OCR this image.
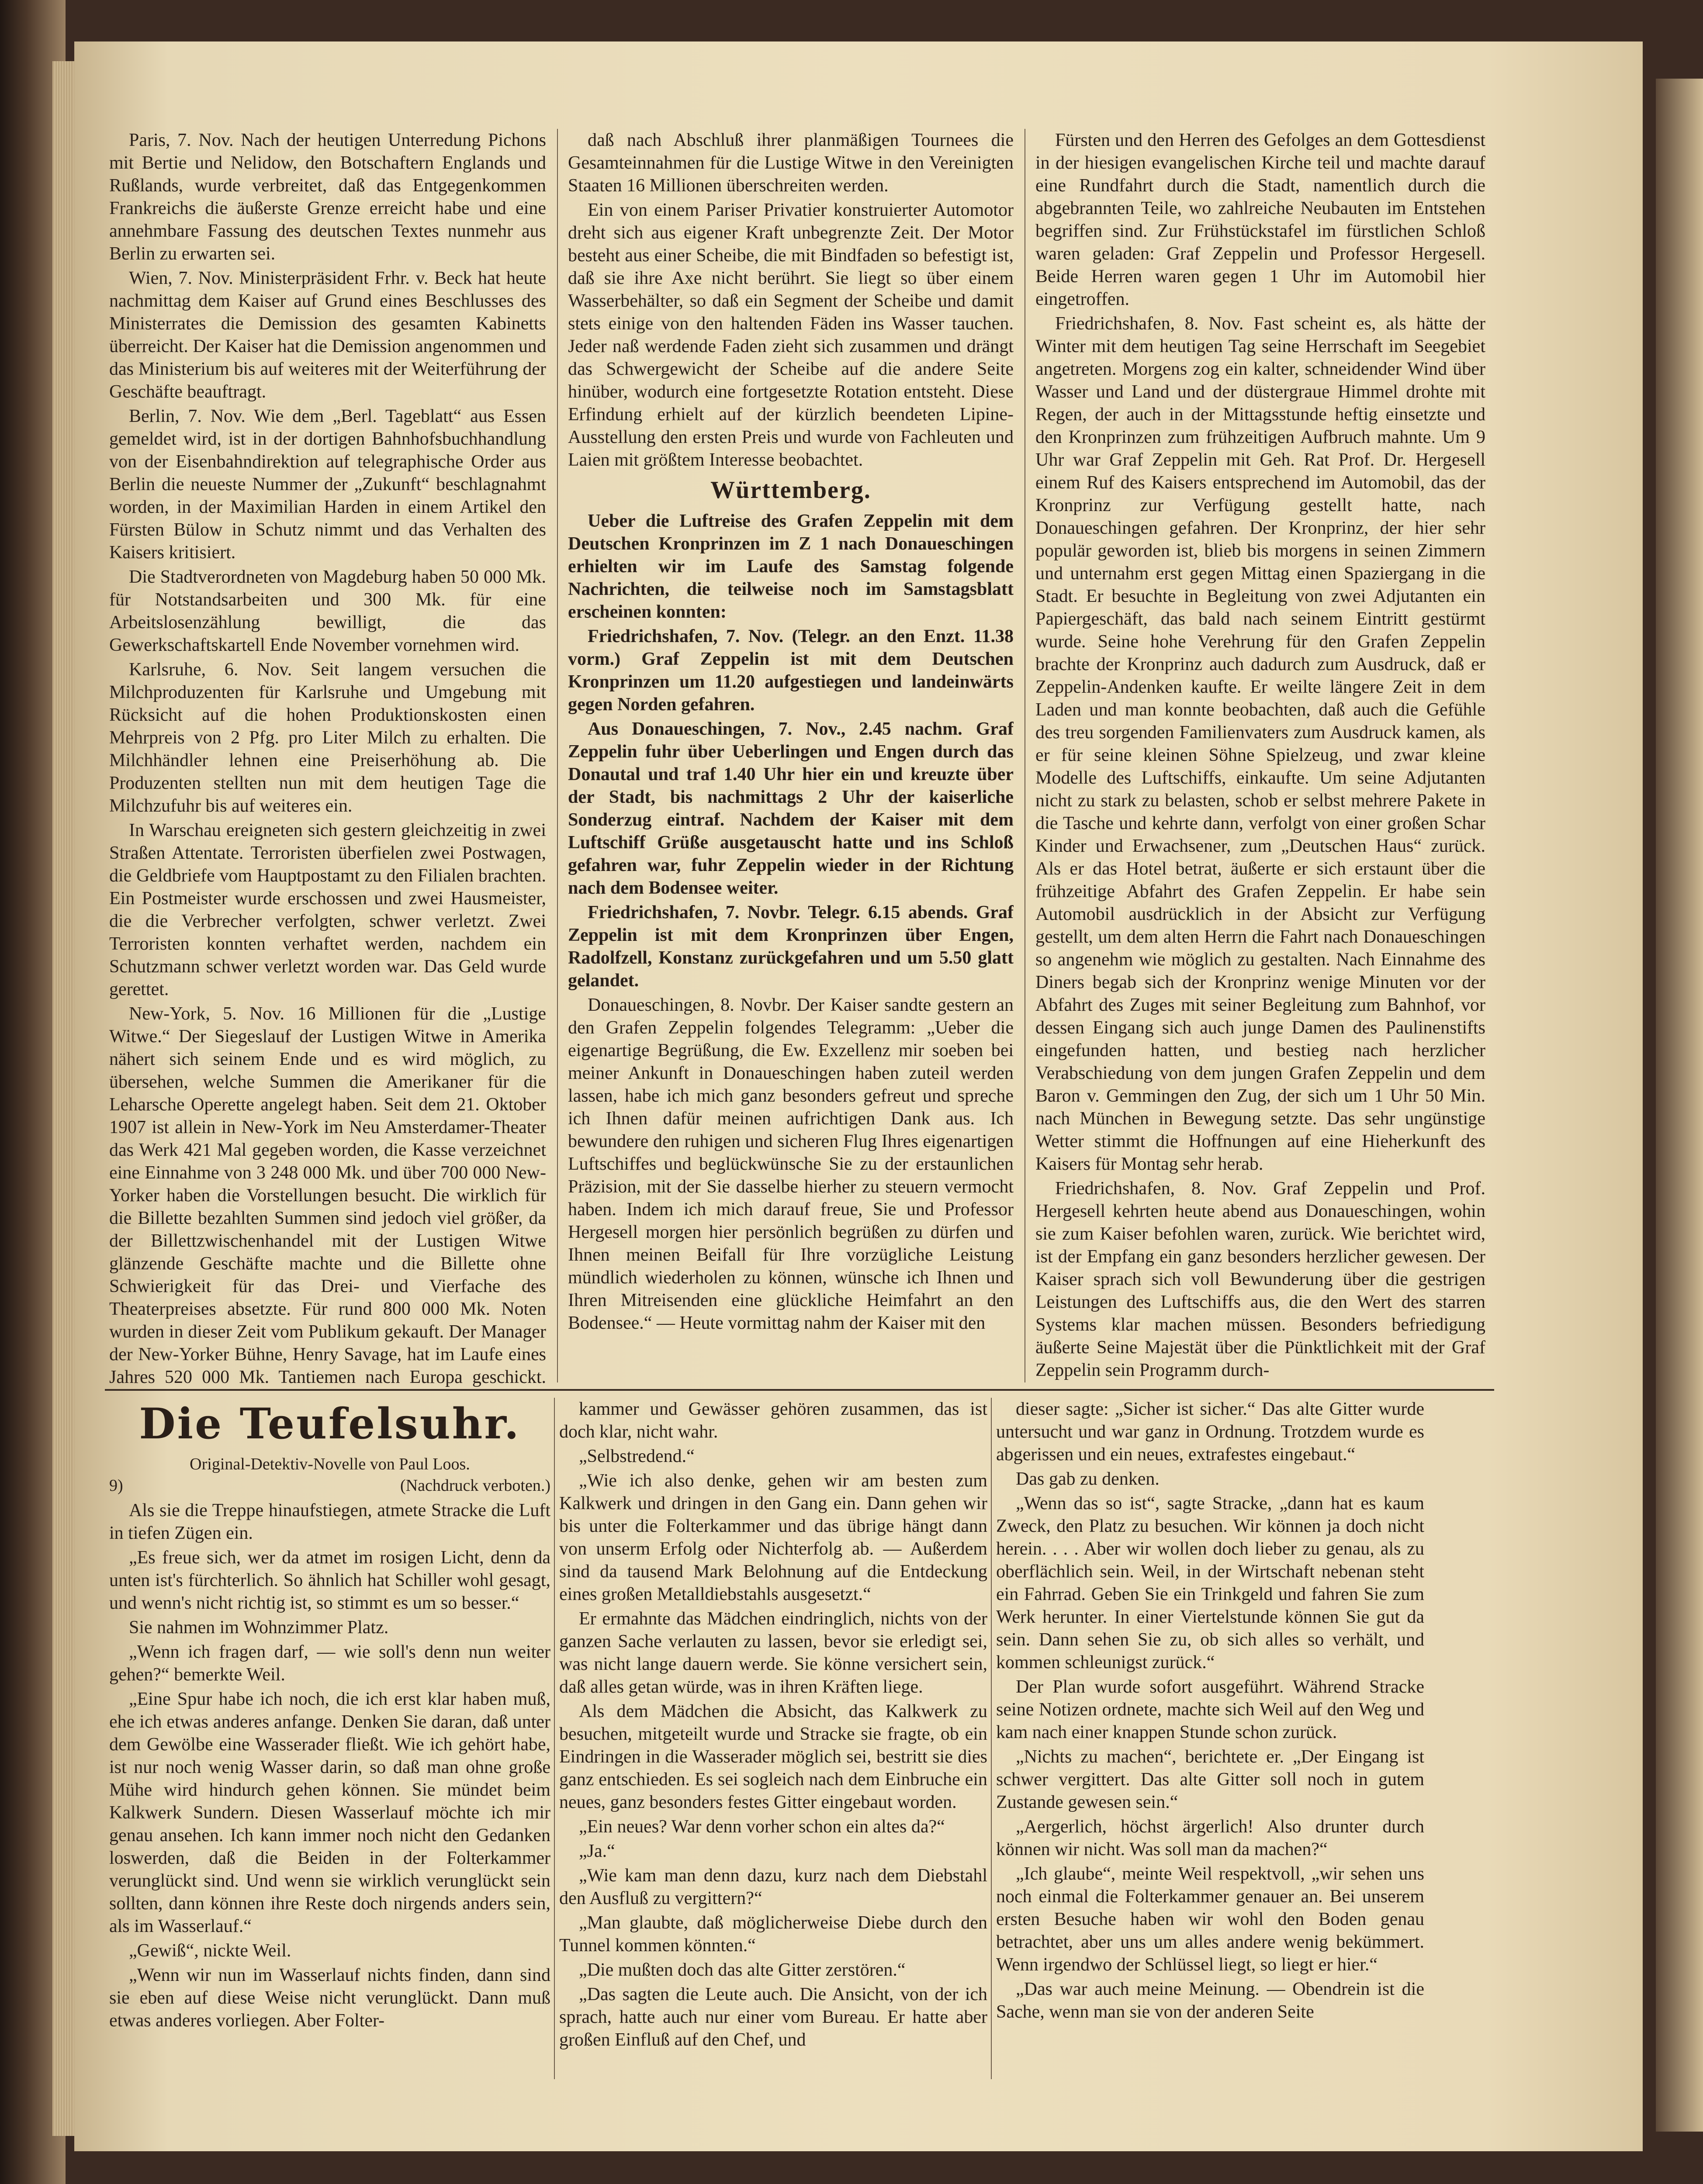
Paris, 7. Nov. Nach der heutigen Unterredung Pichons mit Bertie und Nelidow, den Botschaftern Englands und Rußlands, wurde verbreitet, daß das Entgegenkommen Frankreichs die äußerste Grenze erreicht habe und eine annehmbare Fassung des deutschen Textes nunmehr aus Berlin zu erwarten sei.

Wien, 7. Nov. Ministerpräsident Frhr. v. Beck hat heute nachmittag dem Kaiser auf Grund eines Beschlusses des Ministerrates die Demission des gesamten Kabinetts überreicht. Der Kaiser hat die Demission angenommen und das Ministerium bis auf weiteres mit der Weiterführung der Geschäfte beauftragt.

Berlin, 7. Nov. Wie dem „Berl. Tageblatt“ aus Essen gemeldet wird, ist in der dortigen Bahnhofsbuchhandlung von der Eisenbahndirektion auf telegraphische Order aus Berlin die neueste Nummer der „Zukunft“ beschlagnahmt worden, in der Maximilian Harden in einem Artikel den Fürsten Bülow in Schutz nimmt und das Verhalten des Kaisers kritisiert.

Die Stadtverordneten von Magdeburg haben 50 000 Mk. für Notstandsarbeiten und 300 Mk. für eine Arbeitslosenzählung bewilligt, die das Gewerkschaftskartell Ende November vornehmen wird.

Karlsruhe, 6. Nov. Seit langem versuchen die Milchproduzenten für Karlsruhe und Umgebung mit Rücksicht auf die hohen Produktionskosten einen Mehrpreis von 2 Pfg. pro Liter Milch zu erhalten. Die Milchhändler lehnen eine Preiserhöhung ab. Die Produzenten stellten nun mit dem heutigen Tage die Milchzufuhr bis auf weiteres ein.

In Warschau ereigneten sich gestern gleichzeitig in zwei Straßen Attentate. Terroristen überfielen zwei Postwagen, die Geldbriefe vom Hauptpostamt zu den Filialen brachten. Ein Postmeister wurde erschossen und zwei Hausmeister, die die Verbrecher verfolgten, schwer verletzt. Zwei Terroristen konnten verhaftet werden, nachdem ein Schutzmann schwer verletzt worden war. Das Geld wurde gerettet.

New-York, 5. Nov. 16 Millionen für die „Lustige Witwe.“ Der Siegeslauf der Lustigen Witwe in Amerika nähert sich seinem Ende und es wird möglich, zu übersehen, welche Summen die Amerikaner für die Leharsche Operette angelegt haben. Seit dem 21. Oktober 1907 ist allein in New-York im Neu Amsterdamer-Theater das Werk 421 Mal gegeben worden, die Kasse verzeichnet eine Einnahme von 3 248 000 Mk. und über 700 000 New-Yorker haben die Vorstellungen besucht. Die wirklich für die Billette bezahlten Summen sind jedoch viel größer, da der Billettzwischenhandel mit der Lustigen Witwe glänzende Geschäfte machte und die Billette ohne Schwierigkeit für das Drei- und Vierfache des Theaterpreises absetzte. Für rund 800 000 Mk. Noten wurden in dieser Zeit vom Publikum gekauft. Der Manager der New-Yorker Bühne, Henry Savage, hat im Laufe eines Jahres 520 000 Mk. Tantiemen nach Europa geschickt.

daß nach Abschluß ihrer planmäßigen Tournees die Gesamteinnahmen für die Lustige Witwe in den Vereinigten Staaten 16 Millionen überschreiten werden.

Ein von einem Pariser Privatier konstruierter Automotor dreht sich aus eigener Kraft unbegrenzte Zeit. Der Motor besteht aus einer Scheibe, die mit Bindfaden so befestigt ist, daß sie ihre Axe nicht berührt. Sie liegt so über einem Wasserbehälter, so daß ein Segment der Scheibe und damit stets einige von den haltenden Fäden ins Wasser tauchen. Jeder naß werdende Faden zieht sich zusammen und drängt das Schwergewicht der Scheibe auf die andere Seite hinüber, wodurch eine fortgesetzte Rotation entsteht. Diese Erfindung erhielt auf der kürzlich beendeten Lipine-Ausstellung den ersten Preis und wurde von Fachleuten und Laien mit größtem Interesse beobachtet.

Württemberg.

Ueber die Luftreise des Grafen Zeppelin mit dem Deutschen Kronprinzen im Z 1 nach Donaueschingen erhielten wir im Laufe des Samstag folgende Nachrichten, die teilweise noch im Samstagsblatt erscheinen konnten:

Friedrichshafen, 7. Nov. (Telegr. an den Enzt. 11.38 vorm.) Graf Zeppelin ist mit dem Deutschen Kronprinzen um 11.20 aufgestiegen und landeinwärts gegen Norden gefahren.

Aus Donaueschingen, 7. Nov., 2.45 nachm. Graf Zeppelin fuhr über Ueberlingen und Engen durch das Donautal und traf 1.40 Uhr hier ein und kreuzte über der Stadt, bis nachmittags 2 Uhr der kaiserliche Sonderzug eintraf. Nachdem der Kaiser mit dem Luftschiff Grüße ausgetauscht hatte und ins Schloß gefahren war, fuhr Zeppelin wieder in der Richtung nach dem Bodensee weiter.

Friedrichshafen, 7. Novbr. Telegr. 6.15 abends. Graf Zeppelin ist mit dem Kronprinzen über Engen, Radolfzell, Konstanz zurückgefahren und um 5.50 glatt gelandet.

Donaueschingen, 8. Novbr. Der Kaiser sandte gestern an den Grafen Zeppelin folgendes Telegramm: „Ueber die eigenartige Begrüßung, die Ew. Exzellenz mir soeben bei meiner Ankunft in Donaueschingen haben zuteil werden lassen, habe ich mich ganz besonders gefreut und spreche ich Ihnen dafür meinen aufrichtigen Dank aus. Ich bewundere den ruhigen und sicheren Flug Ihres eigenartigen Luftschiffes und beglückwünsche Sie zu der erstaunlichen Präzision, mit der Sie dasselbe hierher zu steuern vermocht haben. Indem ich mich darauf freue, Sie und Professor Hergesell morgen hier persönlich begrüßen zu dürfen und Ihnen meinen Beifall für Ihre vorzügliche Leistung mündlich wiederholen zu können, wünsche ich Ihnen und Ihren Mitreisenden eine glückliche Heimfahrt an den Bodensee.“ — Heute vormittag nahm der Kaiser mit den

Fürsten und den Herren des Gefolges an dem Gottesdienst in der hiesigen evangelischen Kirche teil und machte darauf eine Rundfahrt durch die Stadt, namentlich durch die abgebrannten Teile, wo zahlreiche Neubauten im Entstehen begriffen sind. Zur Frühstückstafel im fürstlichen Schloß waren geladen: Graf Zeppelin und Professor Hergesell. Beide Herren waren gegen 1 Uhr im Automobil hier eingetroffen.

Friedrichshafen, 8. Nov. Fast scheint es, als hätte der Winter mit dem heutigen Tag seine Herrschaft im Seegebiet angetreten. Morgens zog ein kalter, schneidender Wind über Wasser und Land und der düstergraue Himmel drohte mit Regen, der auch in der Mittagsstunde heftig einsetzte und den Kronprinzen zum frühzeitigen Aufbruch mahnte. Um 9 Uhr war Graf Zeppelin mit Geh. Rat Prof. Dr. Hergesell einem Ruf des Kaisers entsprechend im Automobil, das der Kronprinz zur Verfügung gestellt hatte, nach Donaueschingen gefahren. Der Kronprinz, der hier sehr populär geworden ist, blieb bis morgens in seinen Zimmern und unternahm erst gegen Mittag einen Spaziergang in die Stadt. Er besuchte in Begleitung von zwei Adjutanten ein Papiergeschäft, das bald nach seinem Eintritt gestürmt wurde. Seine hohe Verehrung für den Grafen Zeppelin brachte der Kronprinz auch dadurch zum Ausdruck, daß er Zeppelin-Andenken kaufte. Er weilte längere Zeit in dem Laden und man konnte beobachten, daß auch die Gefühle des treu sorgenden Familienvaters zum Ausdruck kamen, als er für seine kleinen Söhne Spielzeug, und zwar kleine Modelle des Luftschiffs, einkaufte. Um seine Adjutanten nicht zu stark zu belasten, schob er selbst mehrere Pakete in die Tasche und kehrte dann, verfolgt von einer großen Schar Kinder und Erwachsener, zum „Deutschen Haus“ zurück. Als er das Hotel betrat, äußerte er sich erstaunt über die frühzeitige Abfahrt des Grafen Zeppelin. Er habe sein Automobil ausdrücklich in der Absicht zur Verfügung gestellt, um dem alten Herrn die Fahrt nach Donaueschingen so angenehm wie möglich zu gestalten. Nach Einnahme des Diners begab sich der Kronprinz wenige Minuten vor der Abfahrt des Zuges mit seiner Begleitung zum Bahnhof, vor dessen Eingang sich auch junge Damen des Paulinenstifts eingefunden hatten, und bestieg nach herzlicher Verabschiedung von dem jungen Grafen Zeppelin und dem Baron v. Gemmingen den Zug, der sich um 1 Uhr 50 Min. nach München in Bewegung setzte. Das sehr ungünstige Wetter stimmt die Hoffnungen auf eine Hieherkunft des Kaisers für Montag sehr herab.

Friedrichshafen, 8. Nov. Graf Zeppelin und Prof. Hergesell kehrten heute abend aus Donaueschingen, wohin sie zum Kaiser befohlen waren, zurück. Wie berichtet wird, ist der Empfang ein ganz besonders herzlicher gewesen. Der Kaiser sprach sich voll Bewunderung über die gestrigen Leistungen des Luftschiffs aus, die den Wert des starren Systems klar machen müssen. Besonders befriedigung äußerte Seine Majestät über die Pünktlichkeit mit der Graf Zeppelin sein Programm durch-

Die Teufelsuhr.
Original-Detektiv-Novelle von Paul Loos.
9)	(Nachdruck verboten.)

Als sie die Treppe hinaufstiegen, atmete Stracke die Luft in tiefen Zügen ein.

„Es freue sich, wer da atmet im rosigen Licht, denn da unten ist's fürchterlich. So ähnlich hat Schiller wohl gesagt, und wenn's nicht richtig ist, so stimmt es um so besser.“

Sie nahmen im Wohnzimmer Platz.

„Wenn ich fragen darf, — wie soll's denn nun weiter gehen?“ bemerkte Weil.

„Eine Spur habe ich noch, die ich erst klar haben muß, ehe ich etwas anderes anfange. Denken Sie daran, daß unter dem Gewölbe eine Wasserader fließt. Wie ich gehört habe, ist nur noch wenig Wasser darin, so daß man ohne große Mühe wird hindurch gehen können. Sie mündet beim Kalkwerk Sundern. Diesen Wasserlauf möchte ich mir genau ansehen. Ich kann immer noch nicht den Gedanken loswerden, daß die Beiden in der Folterkammer verunglückt sind. Und wenn sie wirklich verunglückt sein sollten, dann können ihre Reste doch nirgends anders sein, als im Wasserlauf.“

„Gewiß“, nickte Weil.

„Wenn wir nun im Wasserlauf nichts finden, dann sind sie eben auf diese Weise nicht verunglückt. Dann muß etwas anderes vorliegen. Aber Folter-

kammer und Gewässer gehören zusammen, das ist doch klar, nicht wahr.

„Selbstredend.“

„Wie ich also denke, gehen wir am besten zum Kalkwerk und dringen in den Gang ein. Dann gehen wir bis unter die Folterkammer und das übrige hängt dann von unserm Erfolg oder Nichterfolg ab. — Außerdem sind da tausend Mark Belohnung auf die Entdeckung eines großen Metalldiebstahls ausgesetzt.“

Er ermahnte das Mädchen eindringlich, nichts von der ganzen Sache verlauten zu lassen, bevor sie erledigt sei, was nicht lange dauern werde. Sie könne versichert sein, daß alles getan würde, was in ihren Kräften liege.

Als dem Mädchen die Absicht, das Kalkwerk zu besuchen, mitgeteilt wurde und Stracke sie fragte, ob ein Eindringen in die Wasserader möglich sei, bestritt sie dies ganz entschieden. Es sei sogleich nach dem Einbruche ein neues, ganz besonders festes Gitter eingebaut worden.

„Ein neues? War denn vorher schon ein altes da?“

„Ja.“

„Wie kam man denn dazu, kurz nach dem Diebstahl den Ausfluß zu vergittern?“

„Man glaubte, daß möglicherweise Diebe durch den Tunnel kommen könnten.“

„Die mußten doch das alte Gitter zerstören.“

„Das sagten die Leute auch. Die Ansicht, von der ich sprach, hatte auch nur einer vom Bureau. Er hatte aber großen Einfluß auf den Chef, und

dieser sagte: „Sicher ist sicher.“ Das alte Gitter wurde untersucht und war ganz in Ordnung. Trotzdem wurde es abgerissen und ein neues, extrafestes eingebaut.“

Das gab zu denken.

„Wenn das so ist“, sagte Stracke, „dann hat es kaum Zweck, den Platz zu besuchen. Wir können ja doch nicht herein. . . . Aber wir wollen doch lieber zu genau, als zu oberflächlich sein. Weil, in der Wirtschaft nebenan steht ein Fahrrad. Geben Sie ein Trinkgeld und fahren Sie zum Werk herunter. In einer Viertelstunde können Sie gut da sein. Dann sehen Sie zu, ob sich alles so verhält, und kommen schleunigst zurück.“

Der Plan wurde sofort ausgeführt. Während Stracke seine Notizen ordnete, machte sich Weil auf den Weg und kam nach einer knappen Stunde schon zurück.

„Nichts zu machen“, berichtete er. „Der Eingang ist schwer vergittert. Das alte Gitter soll noch in gutem Zustande gewesen sein.“

„Aergerlich, höchst ärgerlich! Also drunter durch können wir nicht. Was soll man da machen?“

„Ich glaube“, meinte Weil respektvoll, „wir sehen uns noch einmal die Folterkammer genauer an. Bei unserem ersten Besuche haben wir wohl den Boden genau betrachtet, aber uns um alles andere wenig bekümmert. Wenn irgendwo der Schlüssel liegt, so liegt er hier.“

„Das war auch meine Meinung. — Obendrein ist die Sache, wenn man sie von der anderen Seite
